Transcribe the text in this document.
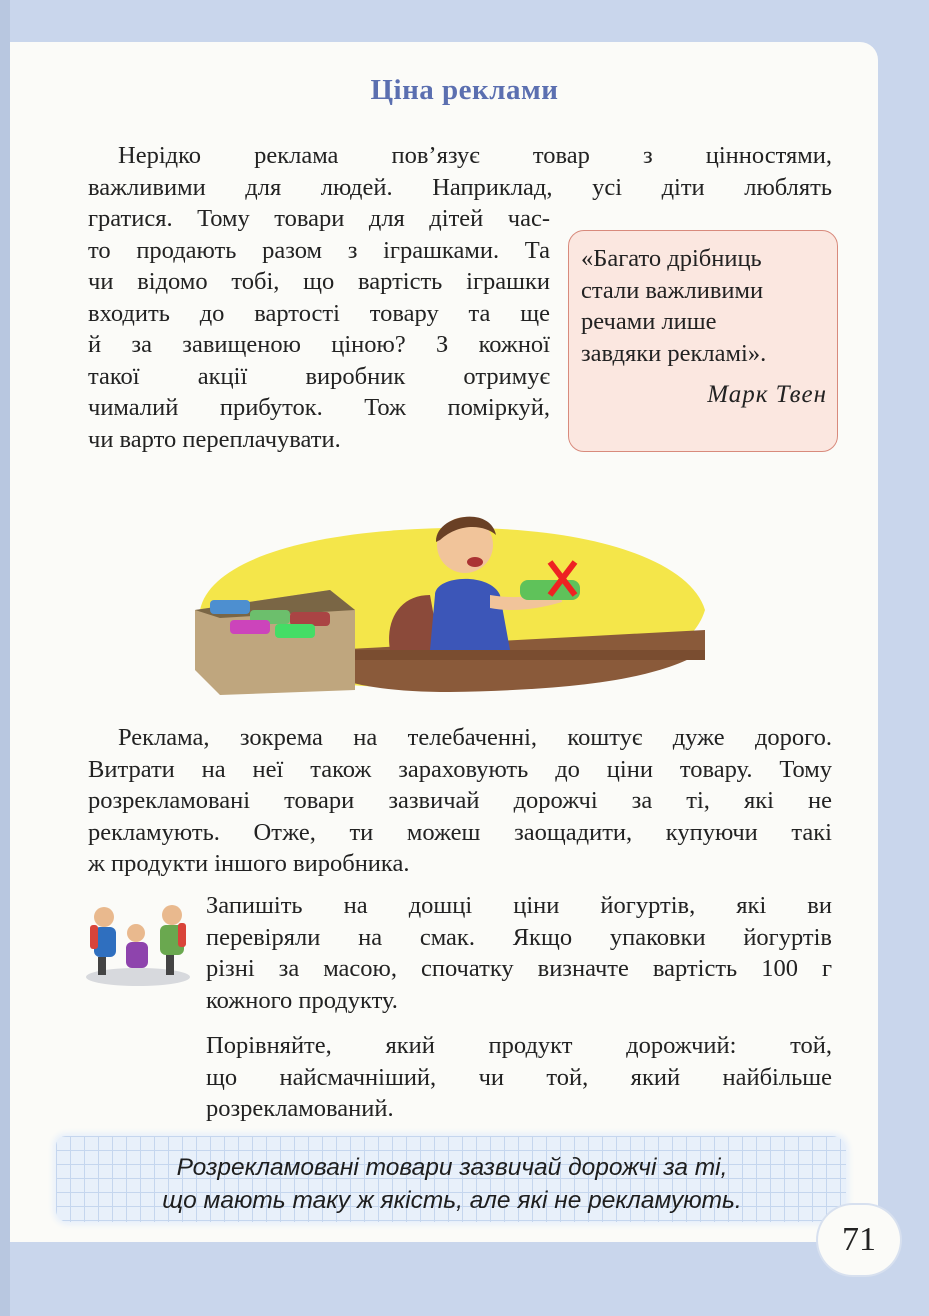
Ціна реклами
Нерідко реклама пов’язує товар з цінностями,
важливими для людей. Наприклад, усі діти люблять
гратися. Тому товари для дітей час-
то продають разом з іграшками. Та
чи відомо тобі, що вартість іграшки
входить до вартості товару та ще
й за завищеною ціною? З кожної
такої акції виробник отримує
чималий прибуток. Тож поміркуй,
чи варто переплачувати.
«Багато дрібниць
стали важливими
речами лише
завдяки рекламі».
Марк Твен
Реклама, зокрема на телебаченні, коштує дуже дорого.
Витрати на неї також зараховують до ціни товару. Тому
розрекламовані товари зазвичай дорожчі за ті, які не
рекламують. Отже, ти можеш заощадити, купуючи такі
ж продукти іншого виробника.
Запишіть на дошці ціни йогуртів, які ви
перевіряли на смак. Якщо упаковки йогуртів
різні за масою, спочатку визначте вартість 100 г
кожного продукту.
Порівняйте, який продукт дорожчий: той,
що найсмачніший, чи той, який найбільше
розрекламований.
Розрекламовані товари зазвичай дорожчі за ті,
що мають таку ж якість, але які не рекламують.
71
